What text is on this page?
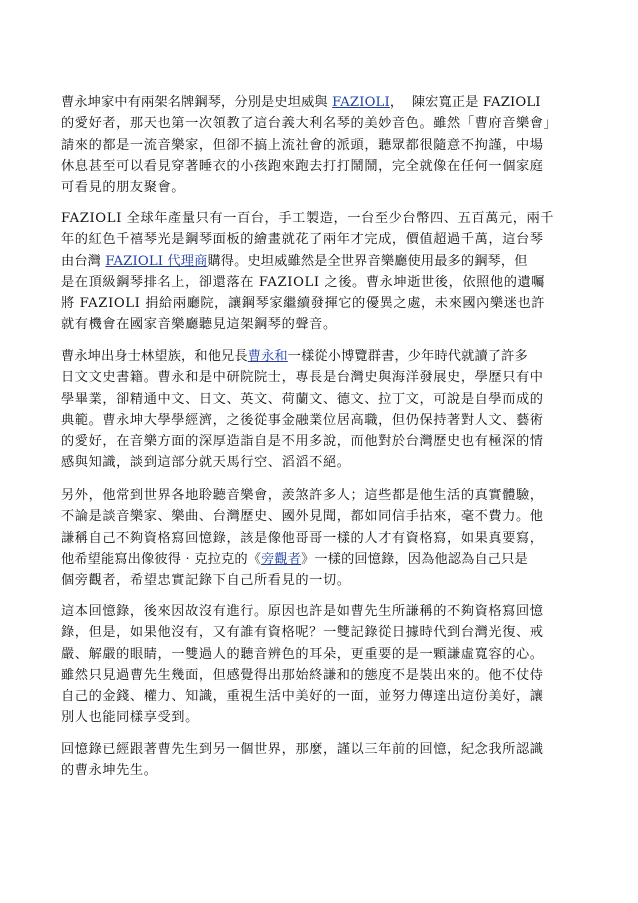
曹永坤家中有兩架名牌鋼琴，分別是史坦威與 FAZIOLI，  陳宏寬正是 FAZIOLI
的愛好者，那天也第一次領教了這台義大利名琴的美妙音色。雖然「曹府音樂會」
請來的都是一流音樂家，但卻不搞上流社會的派頭，聽眾都很隨意不拘謹，中場
休息甚至可以看見穿著睡衣的小孩跑來跑去打打鬧鬧，完全就像在任何一個家庭
可看見的朋友聚會。
FAZIOLI 全球年產量只有一百台，手工製造，一台至少台幣四、五百萬元，兩千
年的紅色千禧琴光是鋼琴面板的繪畫就花了兩年才完成，價值超過千萬，這台琴
由台灣 FAZIOLI 代理商購得。史坦威雖然是全世界音樂廳使用最多的鋼琴，但
是在頂級鋼琴排名上，卻還落在 FAZIOLI 之後。曹永坤逝世後，依照他的遺囑
將 FAZIOLI 捐給兩廳院，讓鋼琴家繼續發揮它的優異之處，未來國內樂迷也許
就有機會在國家音樂廳聽見這架鋼琴的聲音。
曹永坤出身士林望族，和他兄長曹永和一樣從小博覽群書，少年時代就讀了許多
日文文史書籍。曹永和是中研院院士，專長是台灣史與海洋發展史，學歷只有中
學畢業，卻精通中文、日文、英文、荷蘭文、德文、拉丁文，可說是自學而成的
典範。曹永坤大學學經濟，之後從事金融業位居高職，但仍保持著對人文、藝術
的愛好，在音樂方面的深厚造詣自是不用多說，而他對於台灣歷史也有極深的情
感與知識，談到這部分就天馬行空、滔滔不絕。
另外，他常到世界各地聆聽音樂會，羨煞許多人；這些都是他生活的真實體驗，
不論是談音樂家、樂曲、台灣歷史、國外見聞，都如同信手拈來，毫不費力。他
謙稱自己不夠資格寫回憶錄，該是像他哥哥一樣的人才有資格寫，如果真要寫，
他希望能寫出像彼得‧克拉克的《旁觀者》一樣的回憶錄，因為他認為自己只是
個旁觀者，希望忠實記錄下自己所看見的一切。
這本回憶錄，後來因故沒有進行。原因也許是如曹先生所謙稱的不夠資格寫回憶
錄，但是，如果他沒有，又有誰有資格呢？一雙記錄從日據時代到台灣光復、戒
嚴、解嚴的眼睛，一雙過人的聽音辨色的耳朵，更重要的是一顆謙虛寬容的心。
雖然只見過曹先生幾面，但感覺得出那始終謙和的態度不是裝出來的。他不仗侍
自己的金錢、權力、知識，重視生活中美好的一面，並努力傳達出這份美好，讓
別人也能同樣享受到。
回憶錄已經跟著曹先生到另一個世界，那麼，謹以三年前的回憶，紀念我所認識
的曹永坤先生。
